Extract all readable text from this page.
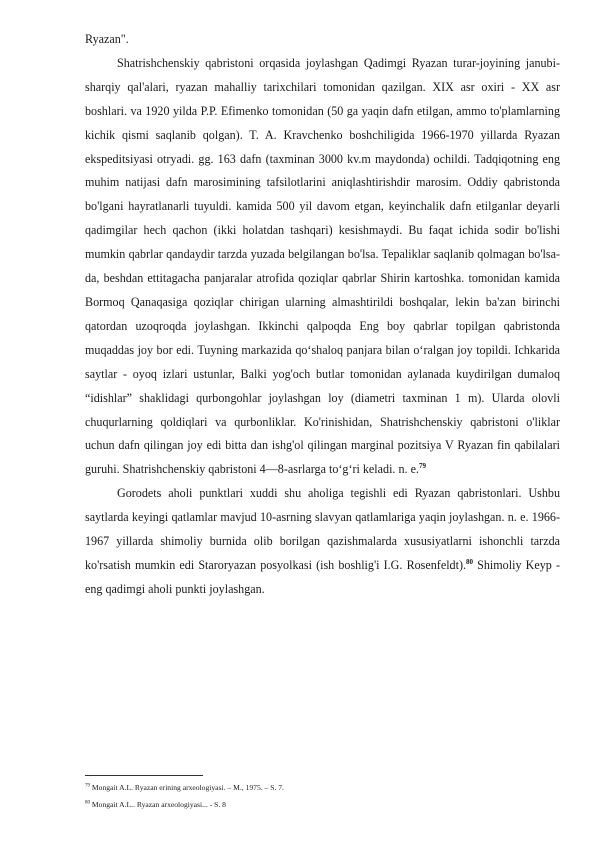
Ryazan".

Shatrishchenskiy qabristoni orqasida joylashgan Qadimgi Ryazan turar-joyining janubi-sharqiy qal'alari, ryazan mahalliy tarixchilari tomonidan qazilgan. XIX asr oxiri - XX asr boshlari. va 1920 yilda P.P. Efimenko tomonidan (50 ga yaqin dafn etilgan, ammo to'plamlarning kichik qismi saqlanib qolgan). T. A. Kravchenko boshchiligida 1966-1970 yillarda Ryazan ekspeditsiyasi otryadi. gg. 163 dafn (taxminan 3000 kv.m maydonda) ochildi. Tadqiqotning eng muhim natijasi dafn marosimining tafsilotlarini aniqlashtirishdir marosim. Oddiy qabristonda bo'lgani hayratlanarli tuyuldi. kamida 500 yil davom etgan, keyinchalik dafn etilganlar deyarli qadimgilar hech qachon (ikki holatdan tashqari) kesishmaydi. Bu faqat ichida sodir bo'lishi mumkin qabrlar qandaydir tarzda yuzada belgilangan bo'lsa. Tepaliklar saqlanib qolmagan bo'lsa-da, beshdan ettitagacha panjaralar atrofida qoziqlar qabrlar Shirin kartoshka. tomonidan kamida Bormoq Qanaqasiga qoziqlar chirigan ularning almashtirildi boshqalar, lekin ba'zan birinchi qatordan uzoqroqda joylashgan. Ikkinchi qalpoqda Eng boy qabrlar topilgan qabristonda muqaddas joy bor edi. Tuyning markazida qo‘shaloq panjara bilan o‘ralgan joy topildi. Ichkarida saytlar - oyoq izlari ustunlar, Balki yog'och butlar tomonidan aylanada kuydirilgan dumaloq “idishlar” shaklidagi qurbongohlar joylashgan loy (diametri taxminan 1 m). Ularda olovli chuqurlarning qoldiqlari va qurbonliklar. Ko'rinishidan, Shatrishchenskiy qabristoni o'liklar uchun dafn qilingan joy edi bitta dan ishg'ol qilingan marginal pozitsiya V Ryazan fin qabilalari guruhi. Shatrishchenskiy qabristoni 4—8-asrlarga to‘g‘ri keladi. n. e.$^{79}$

Gorodets aholi punktlari xuddi shu aholiga tegishli edi Ryazan qabristonlari. Ushbu saytlarda keyingi qatlamlar mavjud 10-asrning slavyan qatlamlariga yaqin joylashgan. n. e. 1966-1967 yillarda shimoliy burnida olib borilgan qazishmalarda xususiyatlarni ishonchli tarzda ko'rsatish mumkin edi Staroryazan posyolkasi (ish boshlig'i I.G. Rosenfeldt).$^{80}$ Shimoliy Keyp - eng qadimgi aholi punkti joylashgan.

$^{79}$ Mongait A.L. Ryazan erining arxeologiyasi. – M., 1975. – S. 7.

$^{80}$ Mongait A.L.. Ryazan arxeologiyasi... - S. 8
